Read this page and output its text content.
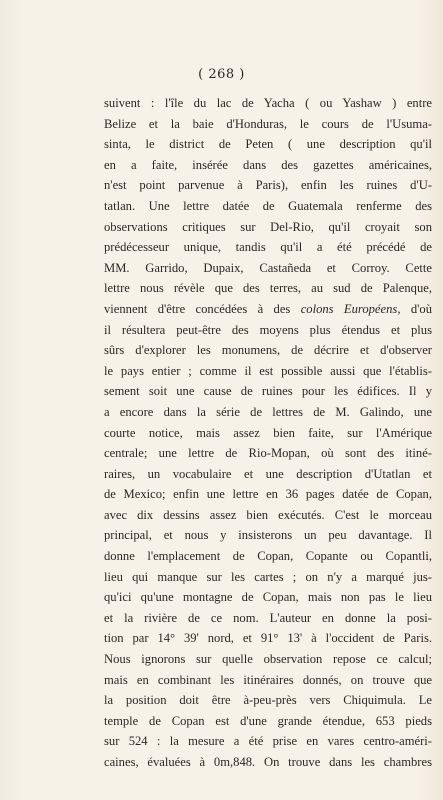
( 268 )
suivent : l'île du lac de Yacha ( ou Yashaw ) entre
Belize et la baie d'Honduras, le cours de l'Usuma-
sinta, le district de Peten ( une description qu'il
en a faite, insérée dans des gazettes américaines,
n'est point parvenue à Paris), enfin les ruines d'U-
tatlan. Une lettre datée de Guatemala renferme des
observations critiques sur Del-Rio, qu'il croyait son
prédécesseur unique, tandis qu'il a été précédé de
MM. Garrido, Dupaix, Castañeda et Corroy. Cette
lettre nous révèle que des terres, au sud de Palenque,
viennent d'être concédées à des colons Européens, d'où
il résultera peut-être des moyens plus étendus et plus
sûrs d'explorer les monumens, de décrire et d'observer
le pays entier ; comme il est possible aussi que l'établis-
sement soit une cause de ruines pour les édifices. Il y
a encore dans la série de lettres de M. Galindo, une
courte notice, mais assez bien faite, sur l'Amérique
centrale; une lettre de Rio-Mopan, où sont des itiné-
raires, un vocabulaire et une description d'Utatlan et
de Mexico; enfin une lettre en 36 pages datée de Copan,
avec dix dessins assez bien exécutés. C'est le morceau
principal, et nous y insisterons un peu davantage. Il
donne l'emplacement de Copan, Copante ou Copantli,
lieu qui manque sur les cartes ; on n'y a marqué jus-
qu'ici qu'une montagne de Copan, mais non pas le lieu
et la rivière de ce nom. L'auteur en donne la posi-
tion par 14° 39' nord, et 91° 13' à l'occident de Paris.
Nous ignorons sur quelle observation repose ce calcul;
mais en combinant les itinéraires donnés, on trouve que
la position doit être à-peu-près vers Chiquimula. Le
temple de Copan est d'une grande étendue, 653 pieds
sur 524 : la mesure a été prise en vares centro-améri-
caines, évaluées à 0m,848. On trouve dans les chambres
